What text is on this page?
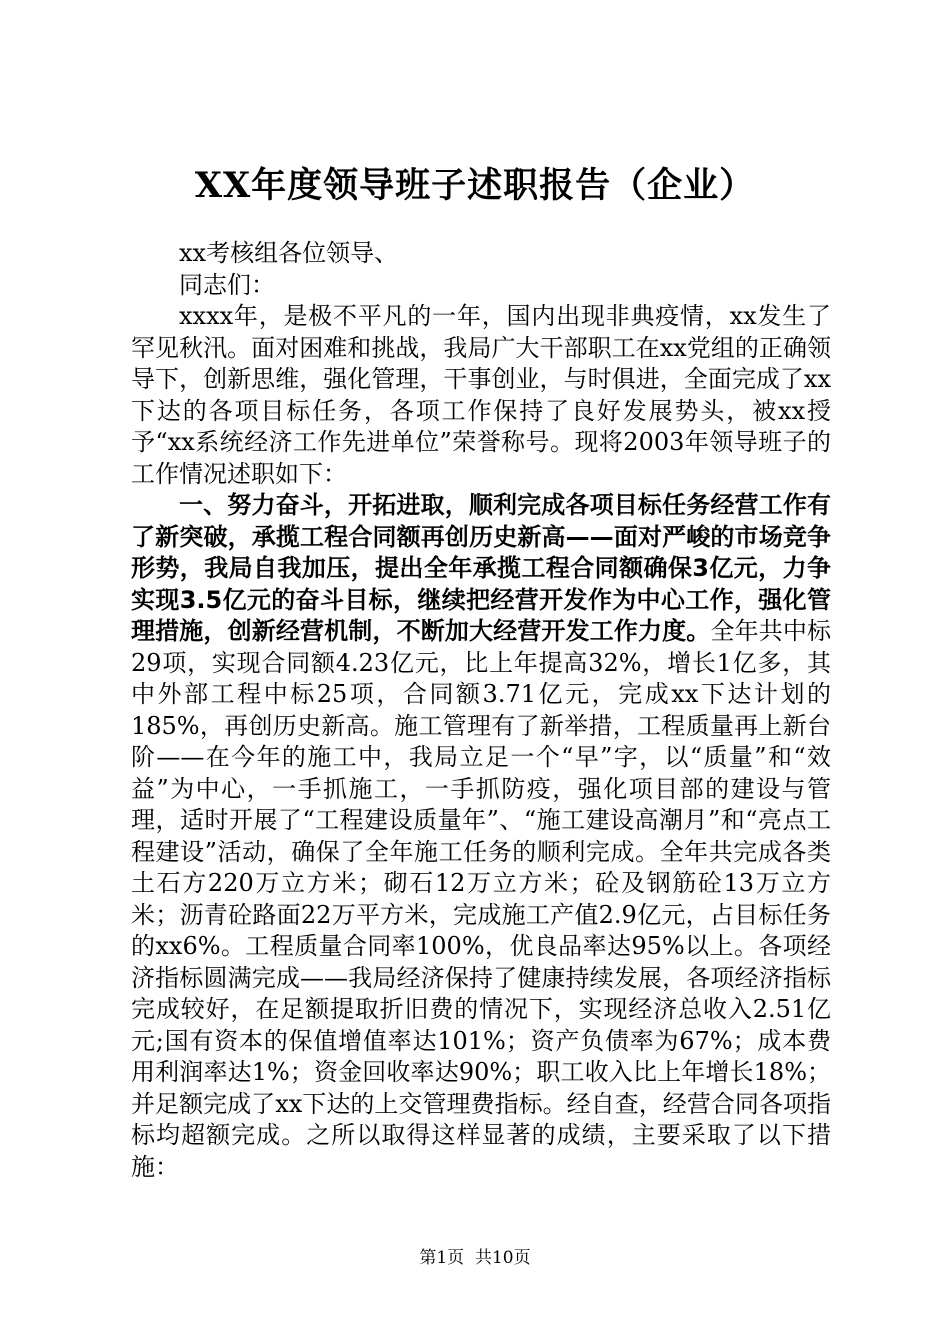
XX年度领导班子述职报告（企业）

xx考核组各位领导、

同志们：

xxxx年，是极不平凡的一年，国内出现非典疫情，xx发生了罕见秋汛。面对困难和挑战，我局广大干部职工在xx党组的正确领导下，创新思维，强化管理，干事创业，与时俱进，全面完成了xx下达的各项目标任务，各项工作保持了良好发展势头，被xx授予“xx系统经济工作先进单位”荣誉称号。现将2003年领导班子的工作情况述职如下：

一、努力奋斗，开拓进取，顺利完成各项目标任务经营工作有了新突破，承揽工程合同额再创历史新高——面对严峻的市场竞争形势，我局自我加压，提出全年承揽工程合同额确保3亿元，力争实现3.5亿元的奋斗目标，继续把经营开发作为中心工作，强化管理措施，创新经营机制，不断加大经营开发工作力度。全年共中标29项，实现合同额4.23亿元，比上年提高32%，增长1亿多，其中外部工程中标25项，合同额3.71亿元，完成xx下达计划的185%，再创历史新高。施工管理有了新举措，工程质量再上新台阶——在今年的施工中，我局立足一个“早”字，以“质量”和“效益”为中心，一手抓施工，一手抓防疫，强化项目部的建设与管理，适时开展了“工程建设质量年”、“施工建设高潮月”和“亮点工程建设”活动，确保了全年施工任务的顺利完成。全年共完成各类土石方220万立方米；砌石12万立方米；砼及钢筋砼13万立方米；沥青砼路面22万平方米，完成施工产值2.9亿元，占目标任务的xx6%。工程质量合同率100%，优良品率达95%以上。各项经济指标圆满完成——我局经济保持了健康持续发展，各项经济指标完成较好，在足额提取折旧费的情况下，实现经济总收入2.51亿元;国有资本的保值增值率达101%；资产负债率为67%；成本费用利润率达1%；资金回收率达90%；职工收入比上年增长18%；并足额完成了xx下达的上交管理费指标。经自查，经营合同各项指标均超额完成。之所以取得这样显著的成绩，主要采取了以下措施：

第1页  共10页
